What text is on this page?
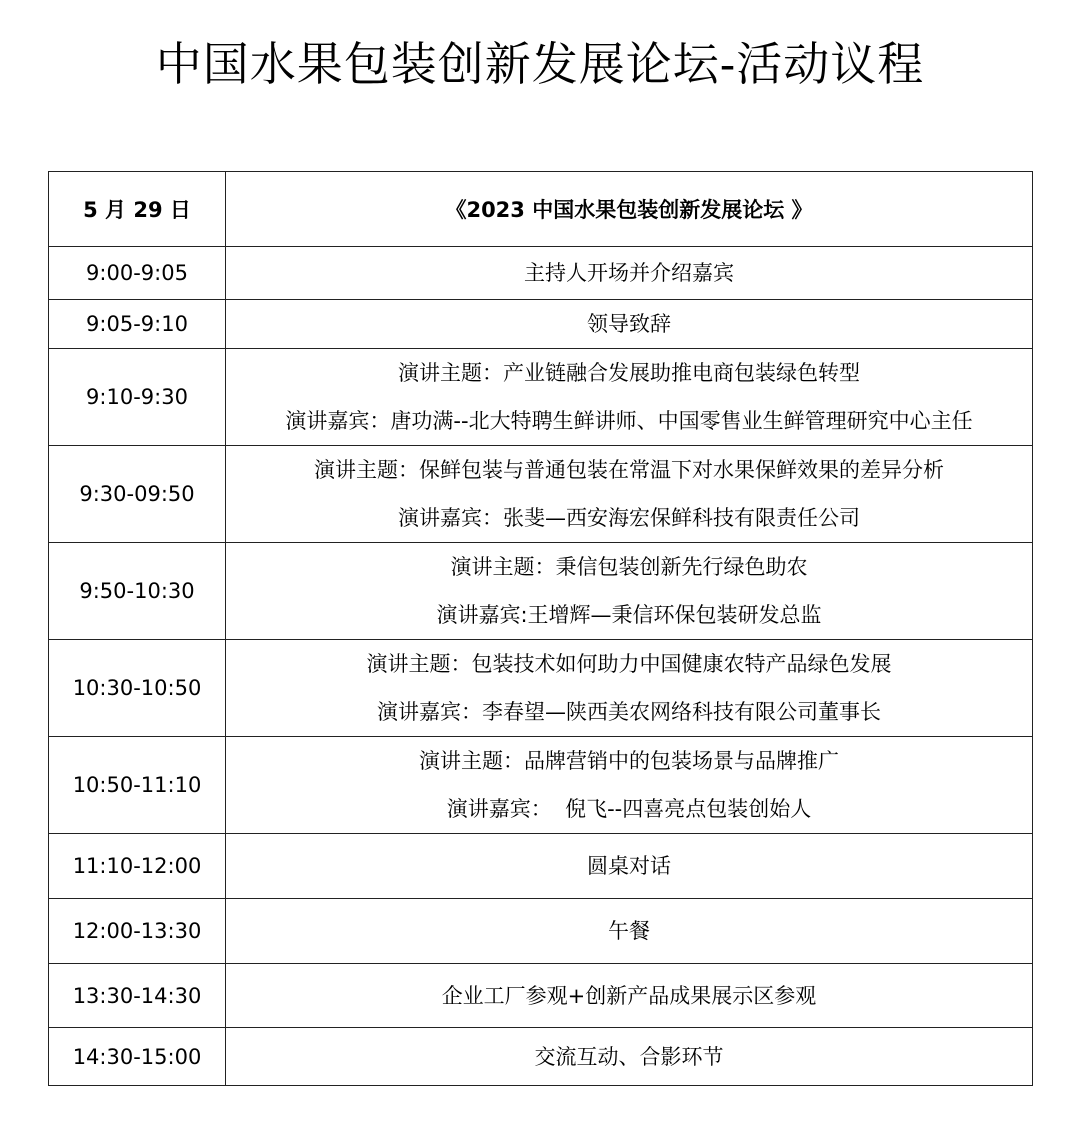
中国水果包装创新发展论坛-活动议程
5 月 29 日	《2023 中国水果包装创新发展论坛 》
9:00-9:05	主持人开场并介绍嘉宾

9:05-9:10	领导致辞

9:10-9:30	演讲主题：产业链融合发展助推电商包装绿色转型
演讲嘉宾：唐功满--北大特聘生鲜讲师、中国零售业生鲜管理研究中心主任

9:30-09:50	演讲主题：保鲜包装与普通包装在常温下对水果保鲜效果的差异分析
演讲嘉宾：张斐—西安海宏保鲜科技有限责任公司

9:50-10:30	演讲主题：秉信包装创新先行绿色助农
演讲嘉宾:王增辉—秉信环保包装研发总监

10:30-10:50	演讲主题：包装技术如何助力中国健康农特产品绿色发展
演讲嘉宾：李春望—陕西美农网络科技有限公司董事长

10:50-11:10	演讲主题：品牌营销中的包装场景与品牌推广
演讲嘉宾：  倪飞--四喜亮点包装创始人

11:10-12:00	圆桌对话

12:00-13:30	午餐

13:30-14:30	企业工厂参观+创新产品成果展示区参观

14:30-15:00	交流互动、合影环节
